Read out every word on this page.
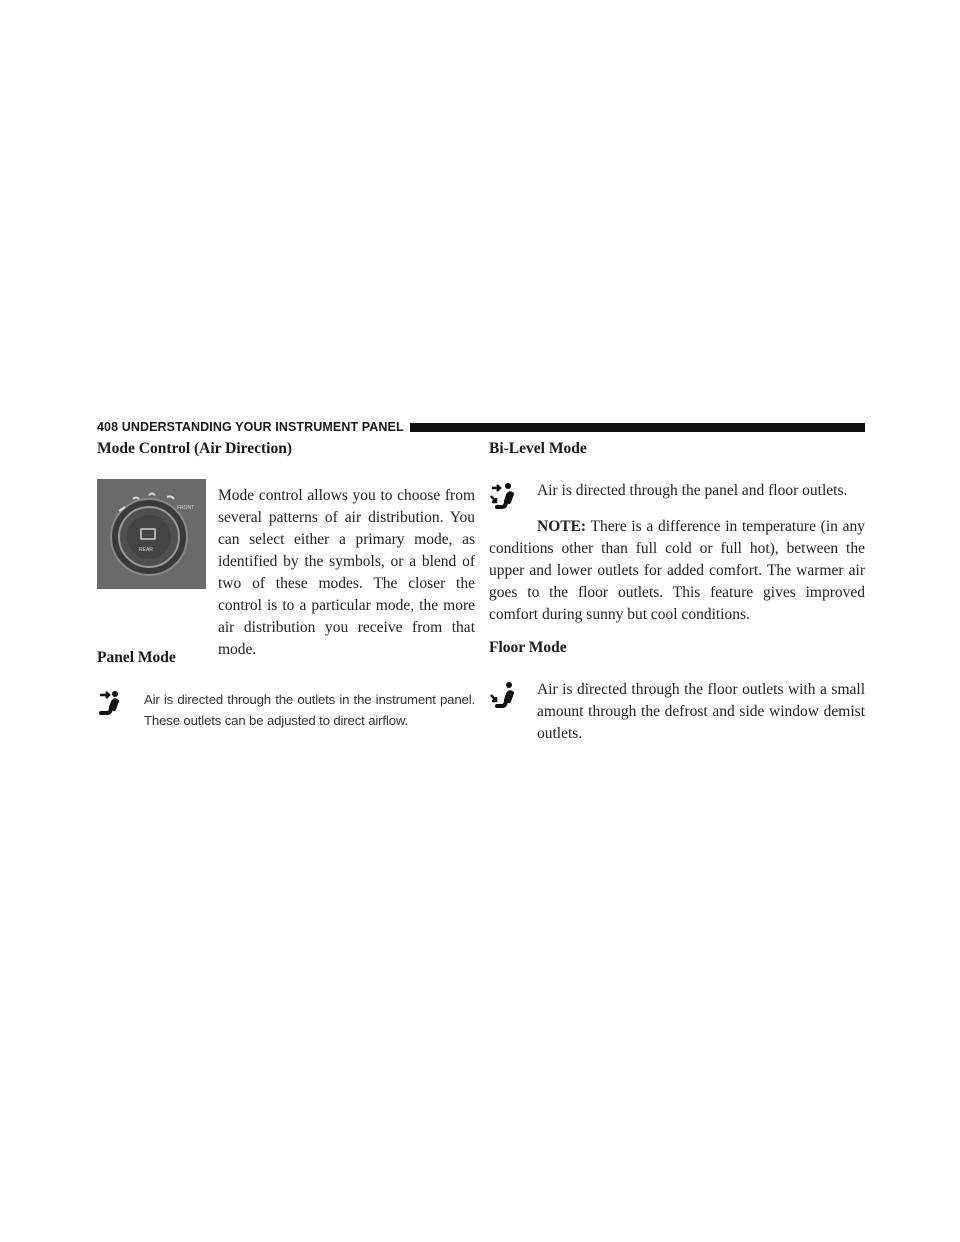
408 UNDERSTANDING YOUR INSTRUMENT PANEL
Mode Control (Air Direction)
REAR
FRONT

Mode control allows you to choose from several patterns of air distribution. You can select either a primary mode, as identified by the symbols, or a blend of two of these modes. The closer the control is to a particular mode, the more air distribution you receive from that mode.

Panel Mode

Air is directed through the outlets in the instrument panel. These outlets can be adjusted to direct airflow.

Bi-Level Mode

Air is directed through the panel and floor outlets.

NOTE: There is a difference in temperature (in any conditions other than full cold or full hot), between the upper and lower outlets for added comfort. The warmer air goes to the floor outlets. This feature gives improved comfort during sunny but cool conditions.

Floor Mode

Air is directed through the floor outlets with a small amount through the defrost and side window demist outlets.
